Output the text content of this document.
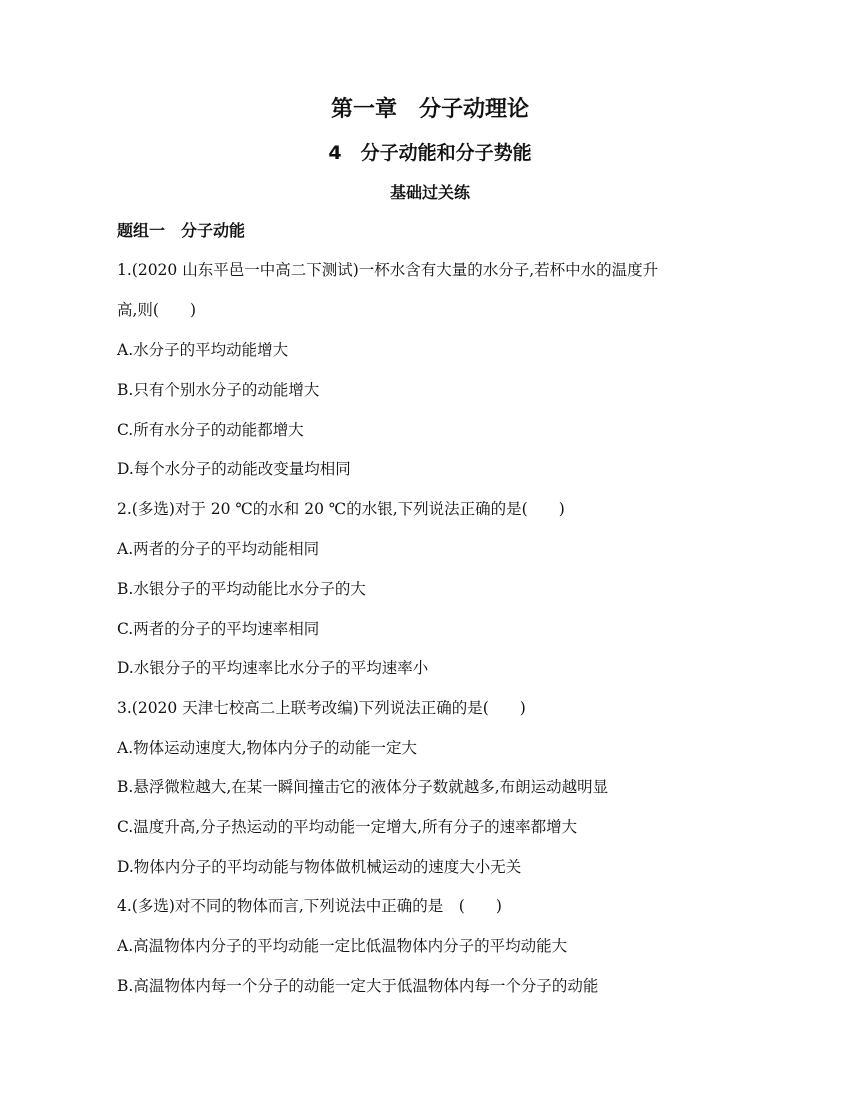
第一章　分子动理论
4　分子动能和分子势能
基础过关练
题组一　分子动能
1.(2020 山东平邑一中高二下测试)一杯水含有大量的水分子,若杯中水的温度升
高,则(　　)
A.水分子的平均动能增大
B.只有个别水分子的动能增大
C.所有水分子的动能都增大
D.每个水分子的动能改变量均相同
2.(多选)对于 20 ℃的水和 20 ℃的水银,下列说法正确的是(　　)
A.两者的分子的平均动能相同
B.水银分子的平均动能比水分子的大
C.两者的分子的平均速率相同
D.水银分子的平均速率比水分子的平均速率小
3.(2020 天津七校高二上联考改编)下列说法正确的是(　　)
A.物体运动速度大,物体内分子的动能一定大
B.悬浮微粒越大,在某一瞬间撞击它的液体分子数就越多,布朗运动越明显
C.温度升高,分子热运动的平均动能一定增大,所有分子的速率都增大
D.物体内分子的平均动能与物体做机械运动的速度大小无关
4.(多选)对不同的物体而言,下列说法中正确的是　(　　)
A.高温物体内分子的平均动能一定比低温物体内分子的平均动能大
B.高温物体内每一个分子的动能一定大于低温物体内每一个分子的动能
